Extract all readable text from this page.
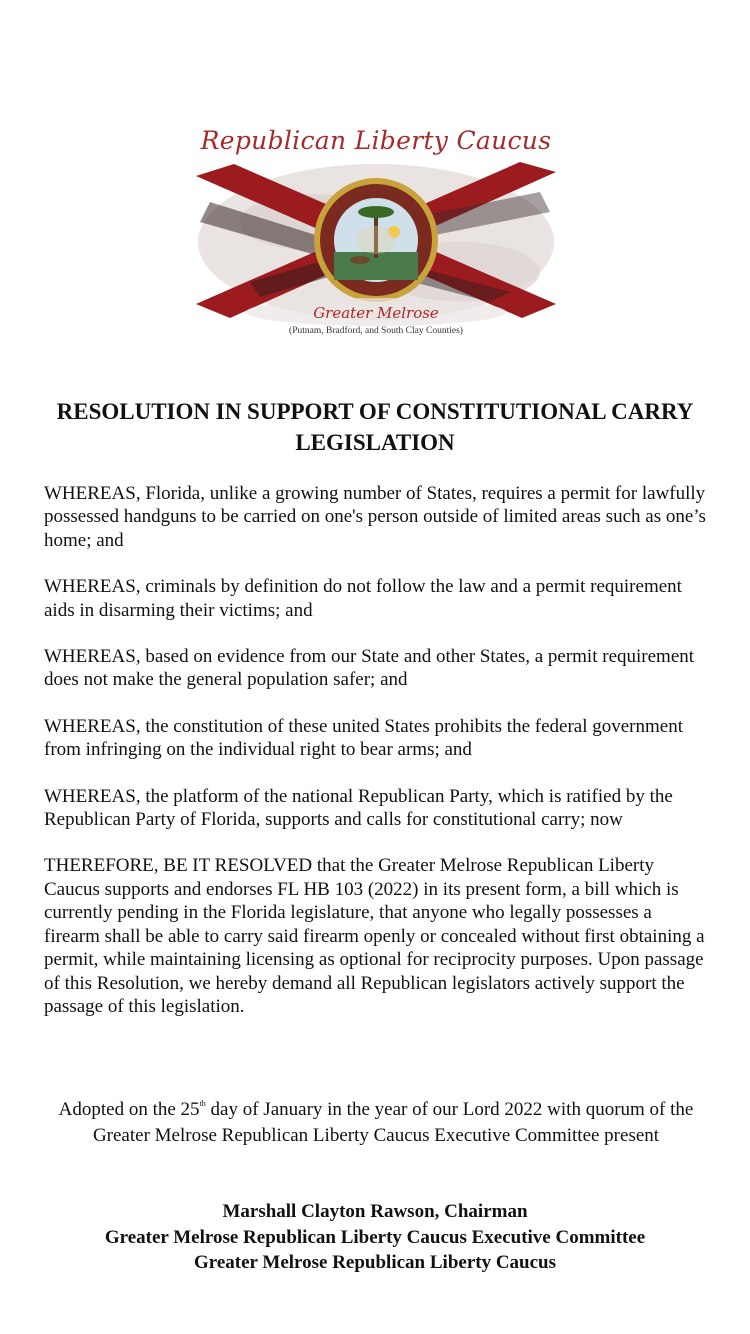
Republican Liberty Caucus
Greater Melrose
(Putnam, Bradford, and South Clay Counties)
RESOLUTION IN SUPPORT OF CONSTITUTIONAL CARRY LEGISLATION

WHEREAS, Florida, unlike a growing number of States, requires a permit for lawfully possessed handguns to be carried on one's person outside of limited areas such as one’s home; and

WHEREAS, criminals by definition do not follow the law and a permit requirement aids in disarming their victims; and

WHEREAS, based on evidence from our State and other States, a permit requirement does not make the general population safer; and

WHEREAS, the constitution of these united States prohibits the federal government from infringing on the individual right to bear arms; and

WHEREAS, the platform of the national Republican Party, which is ratified by the Republican Party of Florida, supports and calls for constitutional carry; now

THEREFORE, BE IT RESOLVED that the Greater Melrose Republican Liberty Caucus supports and endorses FL HB 103 (2022) in its present form, a bill which is currently pending in the Florida legislature, that anyone who legally possesses a firearm shall be able to carry said firearm openly or concealed without first obtaining a permit, while maintaining licensing as optional for reciprocity purposes. Upon passage of this Resolution, we hereby demand all Republican legislators actively support the passage of this legislation.

Adopted on the 25th day of January in the year of our Lord 2022 with quorum of the Greater Melrose Republican Liberty Caucus Executive Committee present

Marshall Clayton Rawson, Chairman
Greater Melrose Republican Liberty Caucus Executive Committee
Greater Melrose Republican Liberty Caucus
